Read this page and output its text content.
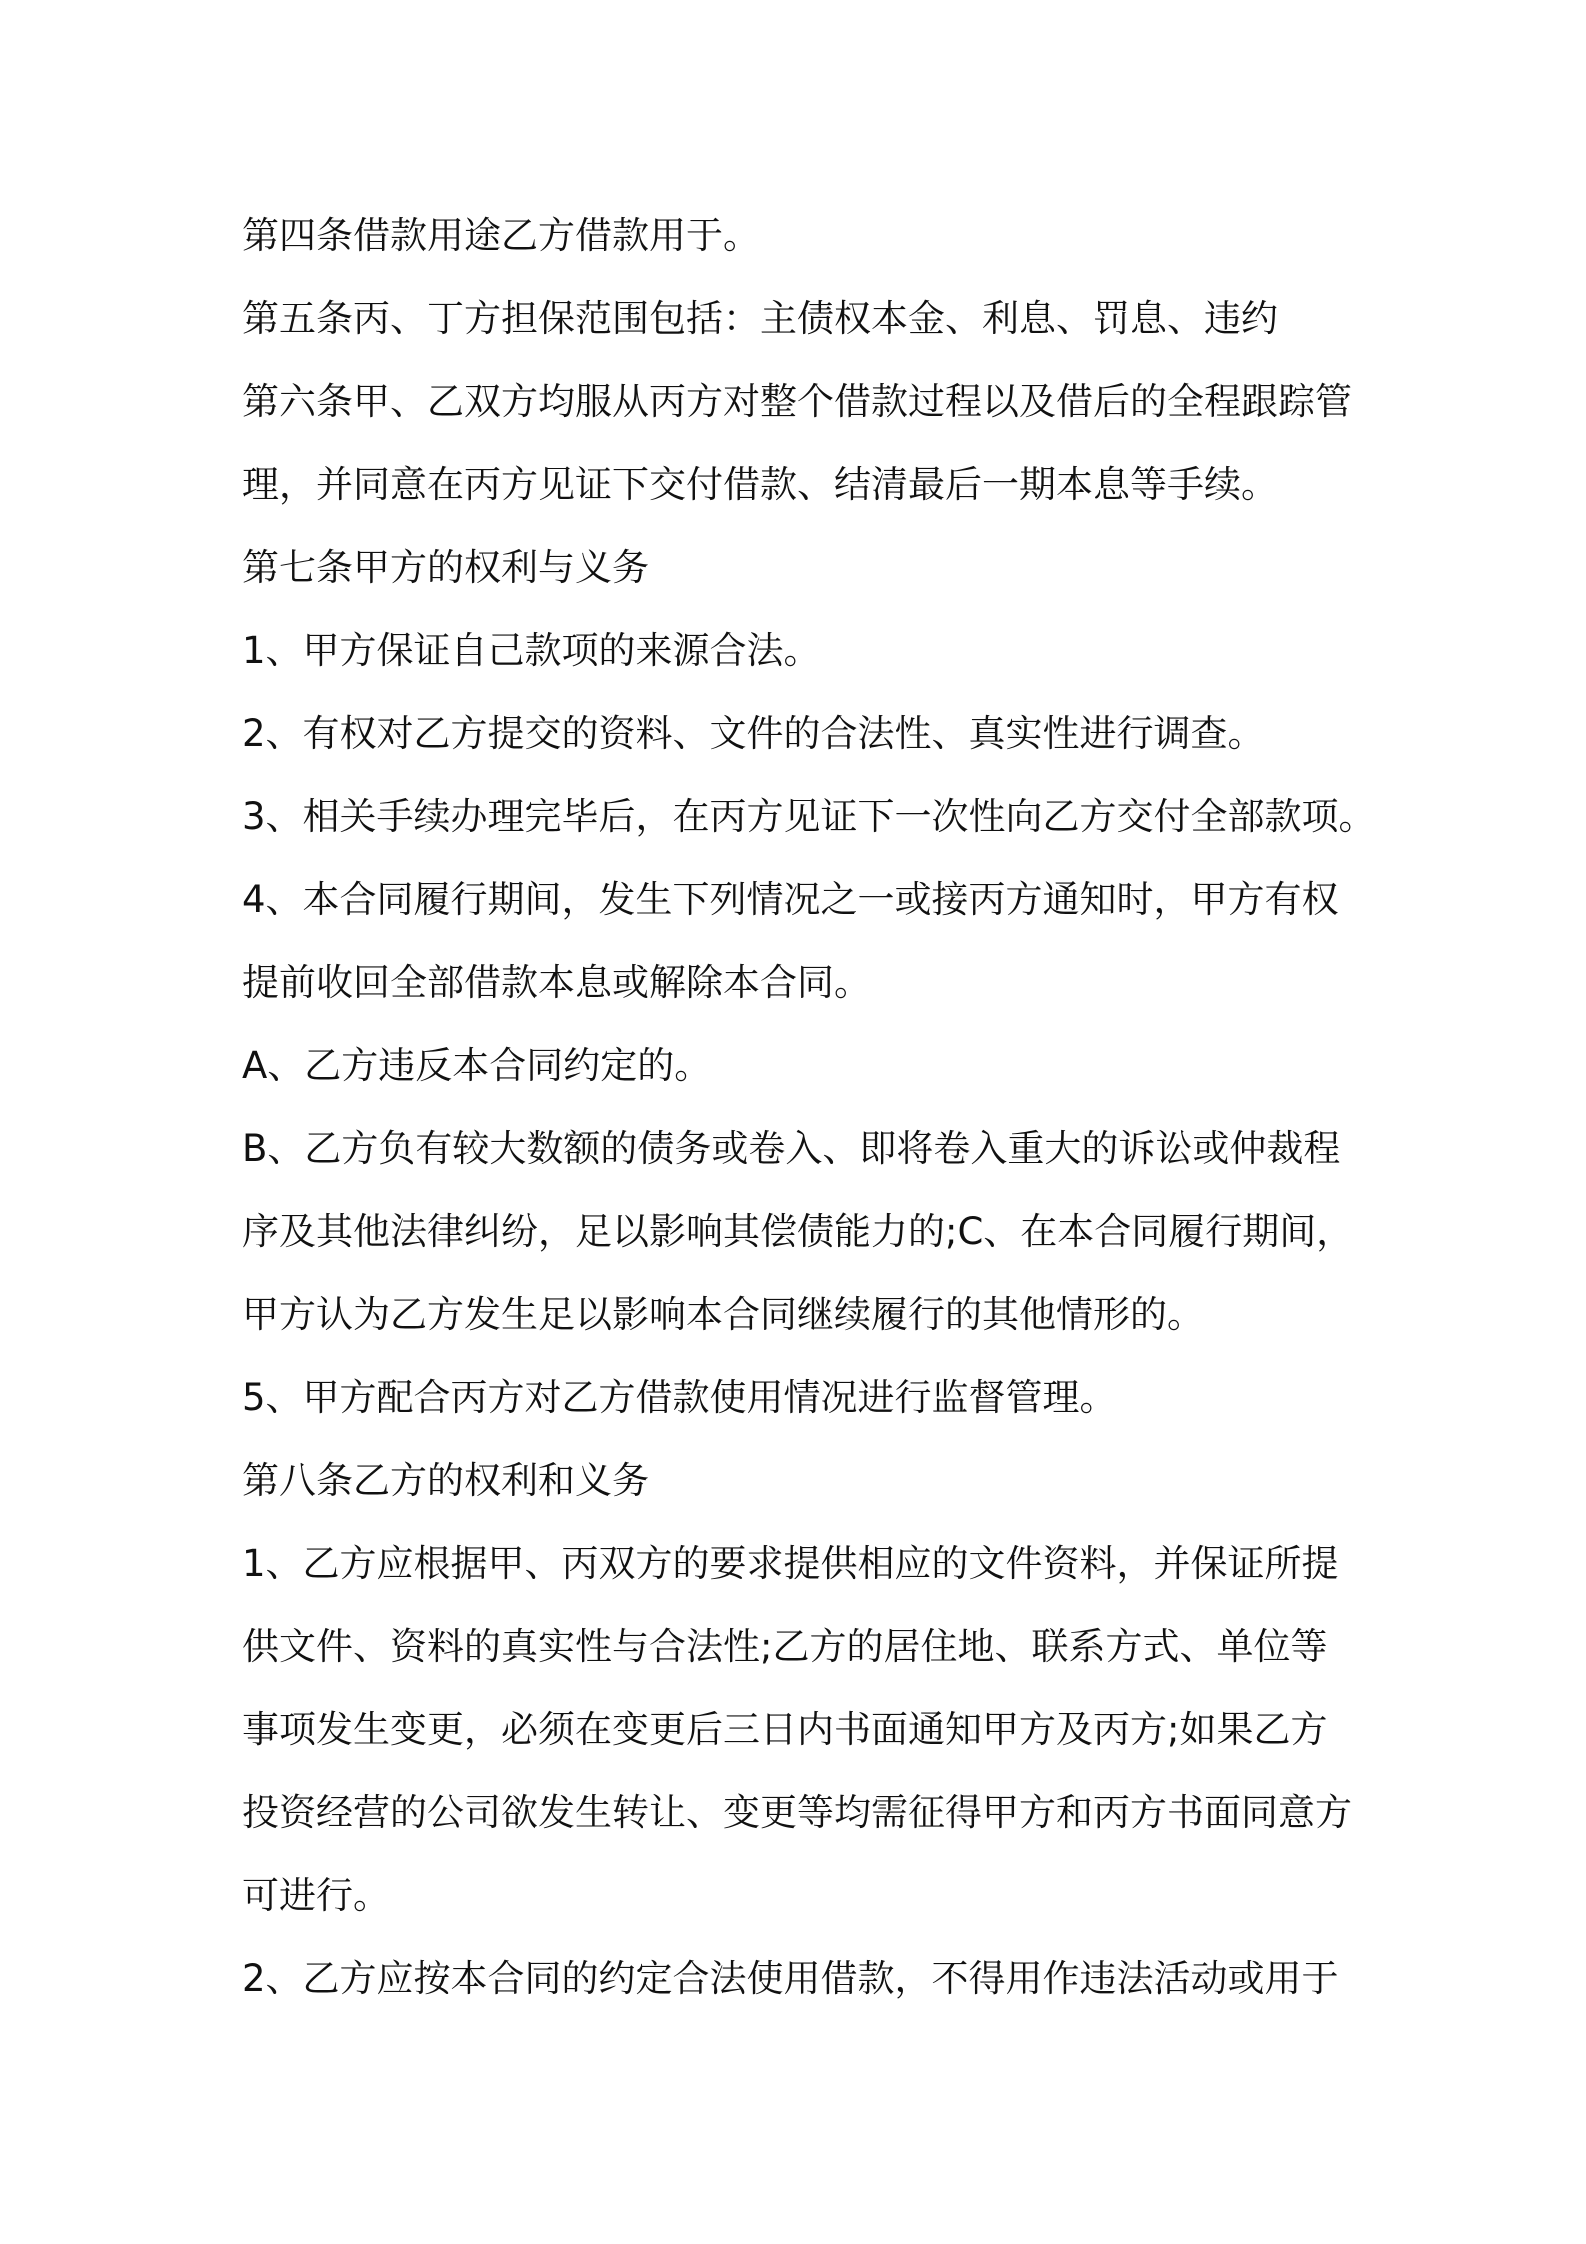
第四条借款用途乙方借款用于。
第五条丙、丁方担保范围包括：主债权本金、利息、罚息、违约
第六条甲、乙双方均服从丙方对整个借款过程以及借后的全程跟踪管
理，并同意在丙方见证下交付借款、结清最后一期本息等手续。
第七条甲方的权利与义务
1、甲方保证自己款项的来源合法。
2、有权对乙方提交的资料、文件的合法性、真实性进行调查。
3、相关手续办理完毕后，在丙方见证下一次性向乙方交付全部款项。
4、本合同履行期间，发生下列情况之一或接丙方通知时，甲方有权
提前收回全部借款本息或解除本合同。
A、乙方违反本合同约定的。
B、乙方负有较大数额的债务或卷入、即将卷入重大的诉讼或仲裁程
序及其他法律纠纷，足以影响其偿债能力的;C、在本合同履行期间，
甲方认为乙方发生足以影响本合同继续履行的其他情形的。
5、甲方配合丙方对乙方借款使用情况进行监督管理。
第八条乙方的权利和义务
1、乙方应根据甲、丙双方的要求提供相应的文件资料，并保证所提
供文件、资料的真实性与合法性;乙方的居住地、联系方式、单位等
事项发生变更，必须在变更后三日内书面通知甲方及丙方;如果乙方
投资经营的公司欲发生转让、变更等均需征得甲方和丙方书面同意方
可进行。
2、乙方应按本合同的约定合法使用借款，不得用作违法活动或用于
